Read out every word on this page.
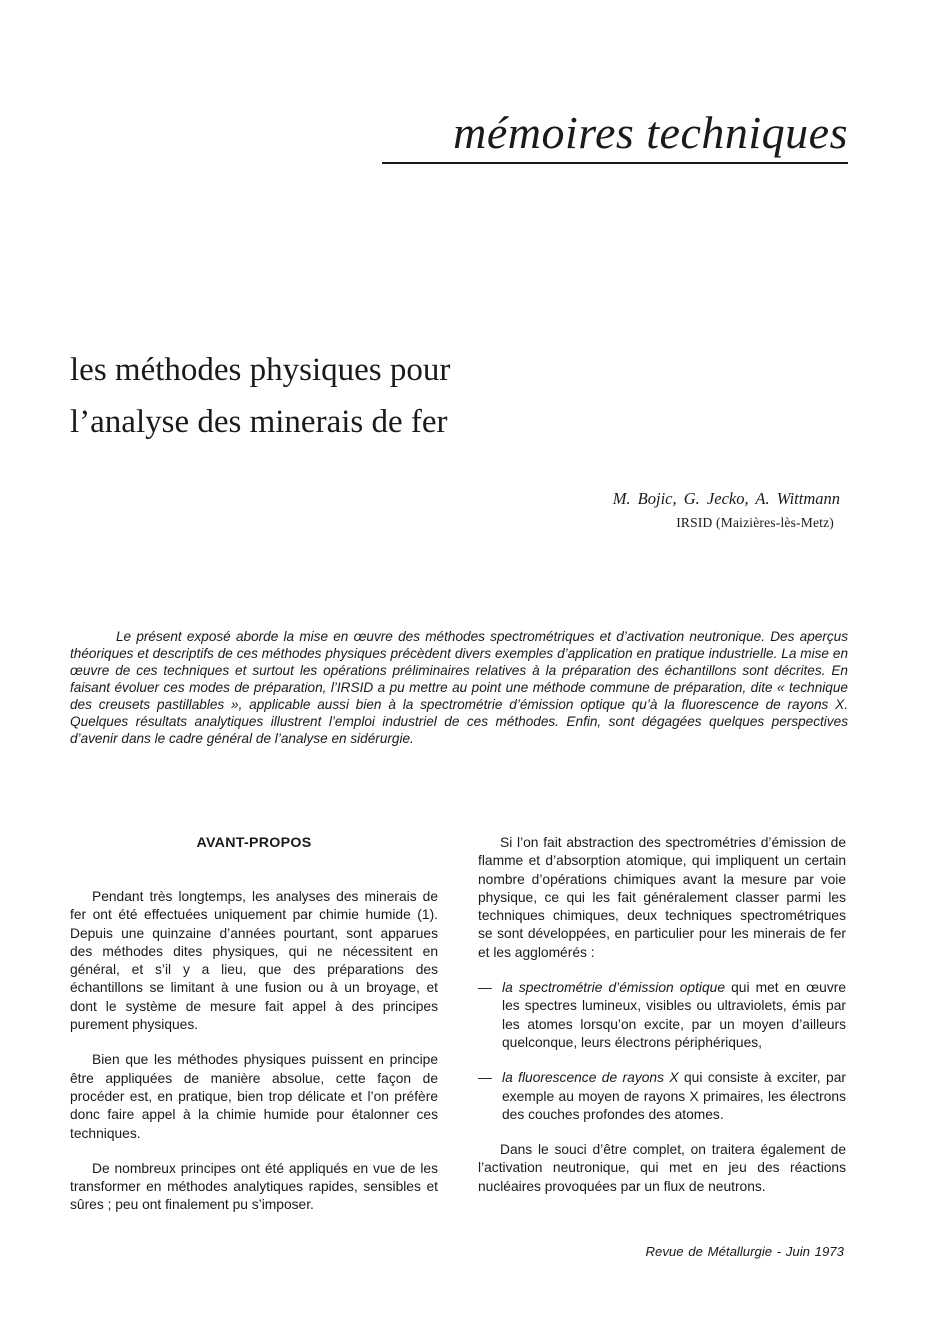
mémoires techniques
les méthodes physiques pour
l’analyse des minerais de fer
M. Bojic, G. Jecko, A. Wittmann
IRSID (Maizières-lès-Metz)

Le présent exposé aborde la mise en œuvre des méthodes spectrométriques et d’activation neutronique. Des aperçus théoriques et descriptifs de ces méthodes physiques précèdent divers exemples d’application en pratique industrielle. La mise en œuvre de ces techniques et surtout les opérations préliminaires relatives à la préparation des échantillons sont décrites. En faisant évoluer ces modes de préparation, l’IRSID a pu mettre au point une méthode commune de préparation, dite « technique des creusets pastillables », applicable aussi bien à la spectrométrie d’émission optique qu’à la fluorescence de rayons X. Quelques résultats analytiques illustrent l’emploi industriel de ces méthodes. Enfin, sont dégagées quelques perspectives d’avenir dans le cadre général de l’analyse en sidérurgie.

AVANT-PROPOS

Pendant très longtemps, les analyses des minerais de fer ont été effectuées uniquement par chimie humide (1). Depuis une quinzaine d’années pourtant, sont apparues des méthodes dites physiques, qui ne nécessitent en général, et s’il y a lieu, que des préparations des échantillons se limitant à une fusion ou à un broyage, et dont le système de mesure fait appel à des principes purement physiques.

Bien que les méthodes physiques puissent en principe être appliquées de manière absolue, cette façon de procéder est, en pratique, bien trop délicate et l’on préfère donc faire appel à la chimie humide pour étalonner ces techniques.

De nombreux principes ont été appliqués en vue de les transformer en méthodes analytiques rapides, sensibles et sûres ; peu ont finalement pu s’imposer.

Si l’on fait abstraction des spectrométries d’émission de flamme et d’absorption atomique, qui impliquent un certain nombre d’opérations chimiques avant la mesure par voie physique, ce qui les fait généralement classer parmi les techniques chimiques, deux techniques spectrométriques se sont développées, en particulier pour les minerais de fer et les agglomérés :

— la spectrométrie d’émission optique qui met en œuvre les spectres lumineux, visibles ou ultraviolets, émis par les atomes lorsqu’on excite, par un moyen d’ailleurs quelconque, leurs électrons périphériques,
— la fluorescence de rayons X qui consiste à exciter, par exemple au moyen de rayons X primaires, les électrons des couches profondes des atomes.

Dans le souci d’être complet, on traitera également de l’activation neutronique, qui met en jeu des réactions nucléaires provoquées par un flux de neutrons.

Revue de Métallurgie - Juin 1973
